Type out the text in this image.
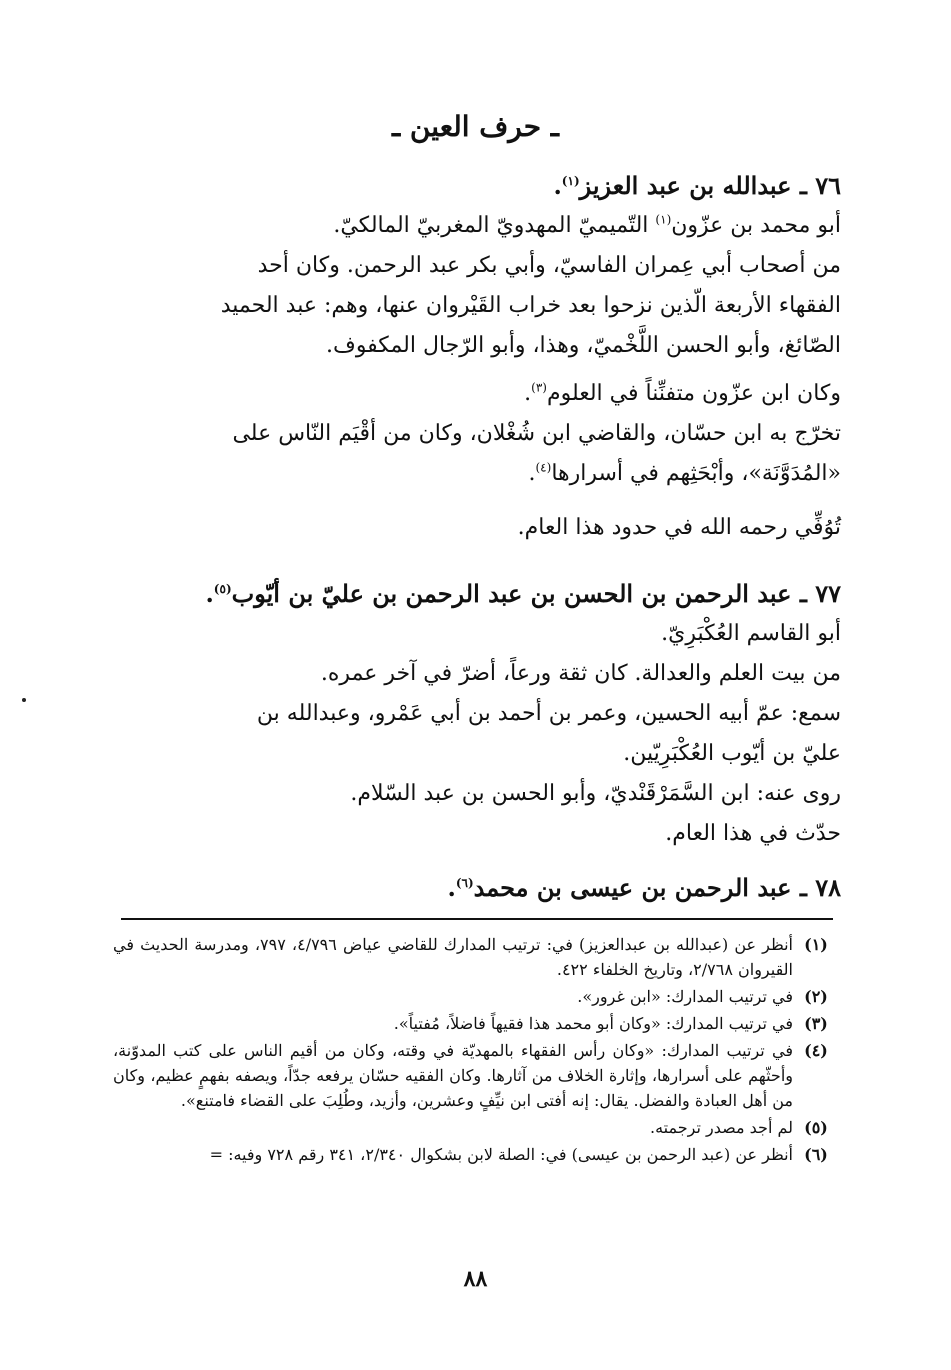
ـ حرف العين ـ
٧٦ ـ عبدالله بن عبد العزيز$^{(١)}$.
أبو محمد بن عزّون$^{(١)}$ التّميميّ المهدويّ المغربيّ المالكيّ.
من أصحاب أبي عِمران الفاسيّ، وأبي بكر عبد الرحمن. وكان أحد
الفقهاء الأربعة الّذين نزحوا بعد خراب القَيْروان عنها، وهم: عبد الحميد
الصّائغ، وأبو الحسن اللَّخْميّ، وهذا، وأبو الرّجال المكفوف.
وكان ابن عزّون متفنِّناً في العلوم$^{(٣)}$.
تخرّج به ابن حسّان، والقاضي ابن شُغْلان، وكان من أقْيَم النّاس على
«المُدَوَّنَة»، وأبْحَثِهم في أسرارها$^{(٤)}$.
تُوُفِّي رحمه الله في حدود هذا العام.
٧٧ ـ عبد الرحمن بن الحسن بن عبد الرحمن بن عليّ بن أيّوب$^{(٥)}$.
أبو القاسم العُكْبَرِيّ.
من بيت العلم والعدالة. كان ثقة ورعاً، أضرّ في آخر عمره.
سمع: عمّ أبيه الحسين، وعمر بن أحمد بن أبي عَمْرو، وعبدالله بن
عليّ بن أيّوب العُكْبَرِيّين.
روى عنه: ابن السَّمَرْقَنْديّ، وأبو الحسن بن عبد السّلام.
حدّث في هذا العام.
٧٨ ـ عبد الرحمن بن عيسى بن محمد$^{(٦)}$.
(١)
أنظر عن (عبدالله بن عبدالعزيز) في: ترتيب المدارك للقاضي عياض ٤/٧٩٦، ٧٩٧، ومدرسة الحديث في القيروان ٢/٧٦٨، وتاريخ الخلفاء ٤٢٢.
(٢)
في ترتيب المدارك: «ابن غرور».
(٣)
في ترتيب المدارك: «وكان أبو محمد هذا فقيهاً فاضلاً، مُفتياً».
(٤)
في ترتيب المدارك: «وكان رأس الفقهاء بالمهديّة في وقته، وكان من أقيم الناس على كتب المدوّنة، وأحثّهم على أسرارها، وإثارة الخلاف من آثارها. وكان الفقيه حسّان يرفعه جدّاً، ويصفه بفهمٍ عظيم، وكان من أهل العبادة والفضل. يقال: إنه أفتى ابن نيِّفٍ وعشرين، وأزيد، وطُلِبَ على القضاء فامتنع».
(٥)
لم أجد مصدر ترجمته.
(٦)
أنظر عن (عبد الرحمن بن عيسى) في: الصلة لابن بشكوال ٢/٣٤٠، ٣٤١ رقم ٧٢٨ وفيه: =
٨٨
